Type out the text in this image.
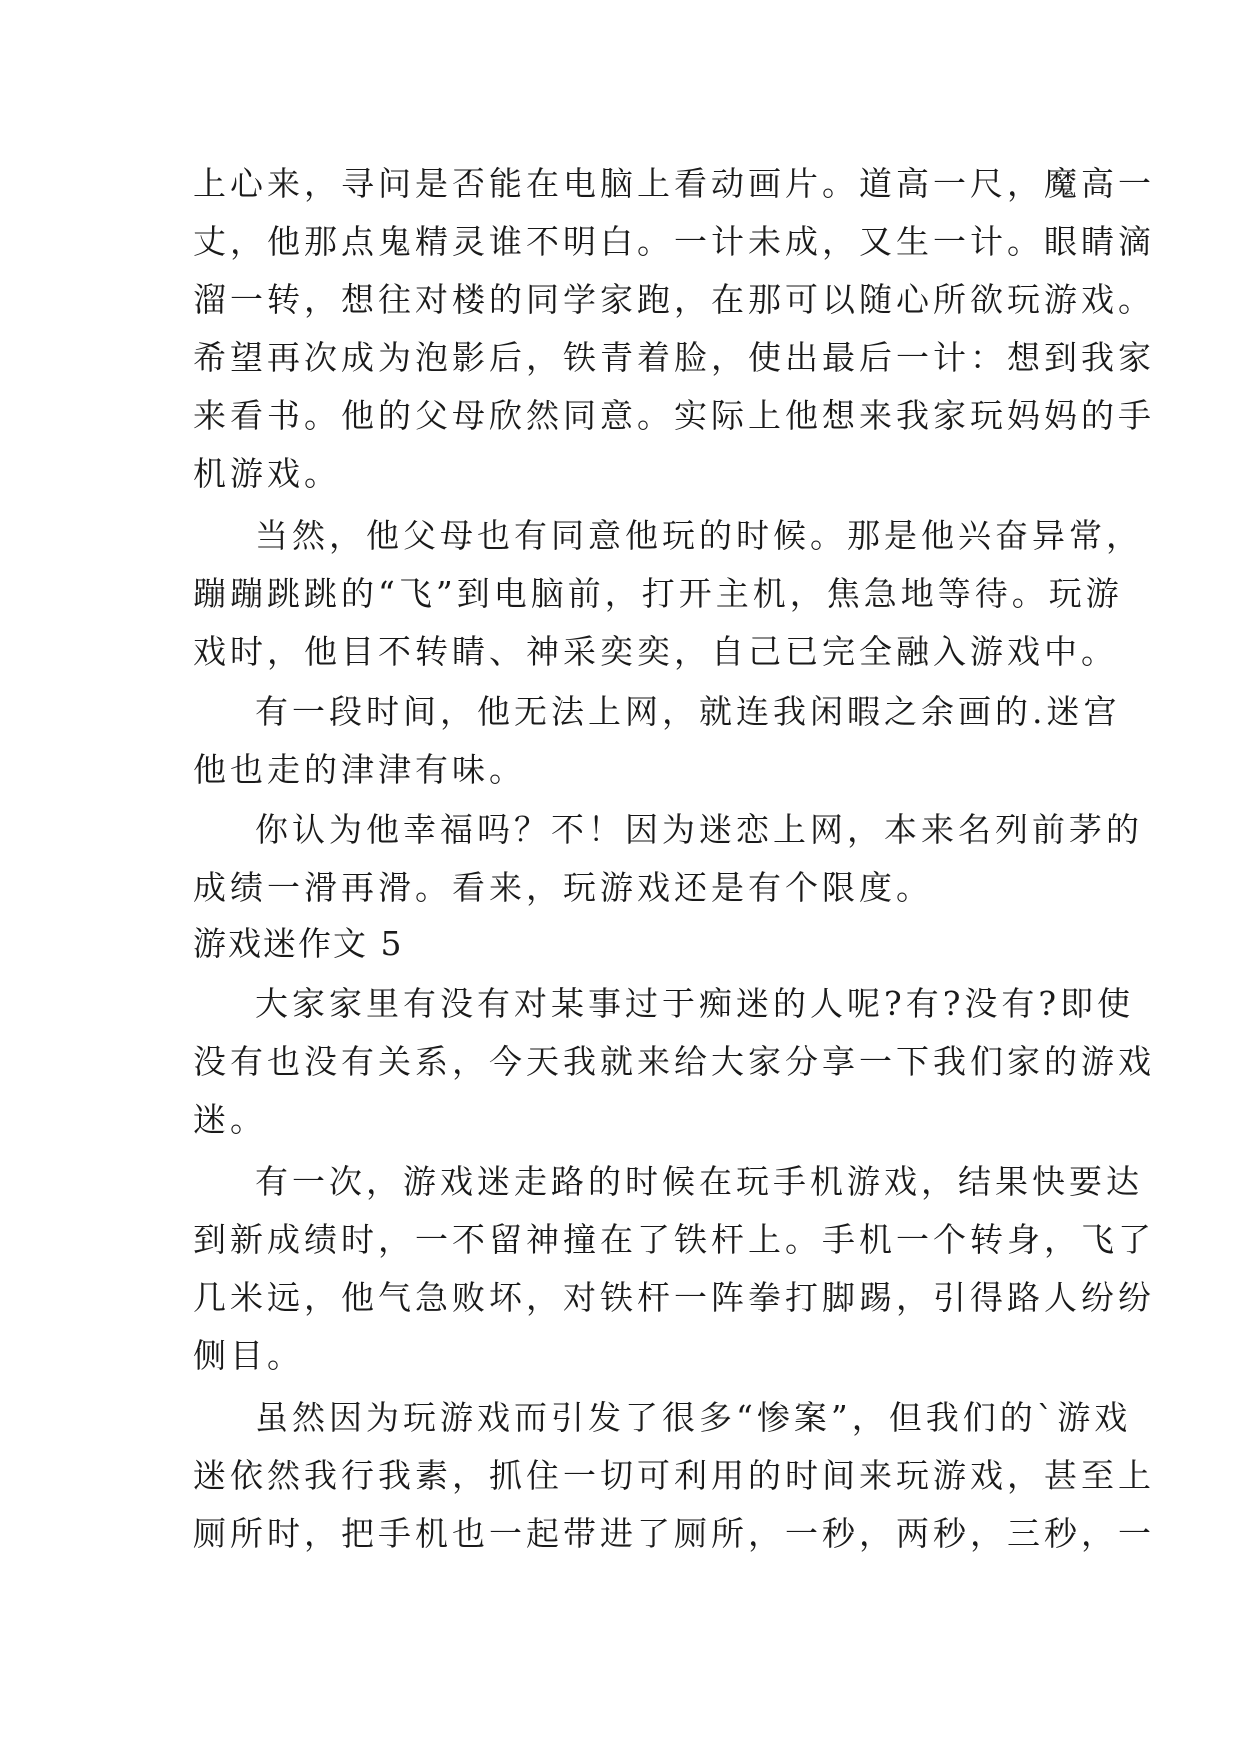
上心来，寻问是否能在电脑上看动画片。道高一尺，魔高一
丈，他那点鬼精灵谁不明白。一计未成，又生一计。眼睛滴
溜一转，想往对楼的同学家跑，在那可以随心所欲玩游戏。
希望再次成为泡影后，铁青着脸，使出最后一计：想到我家
来看书。他的父母欣然同意。实际上他想来我家玩妈妈的手
机游戏。
当然，他父母也有同意他玩的时候。那是他兴奋异常，
蹦蹦跳跳的“飞”到电脑前，打开主机，焦急地等待。玩游
戏时，他目不转睛、神采奕奕，自己已完全融入游戏中。
有一段时间，他无法上网，就连我闲暇之余画的.迷宫
他也走的津津有味。
你认为他幸福吗？不！因为迷恋上网，本来名列前茅的
成绩一滑再滑。看来，玩游戏还是有个限度。
游戏迷作文 5
大家家里有没有对某事过于痴迷的人呢?有?没有?即使
没有也没有关系，今天我就来给大家分享一下我们家的游戏
迷。
有一次，游戏迷走路的时候在玩手机游戏，结果快要达
到新成绩时，一不留神撞在了铁杆上。手机一个转身，飞了
几米远，他气急败坏，对铁杆一阵拳打脚踢，引得路人纷纷
侧目。
虽然因为玩游戏而引发了很多“惨案”，但我们的`游戏
迷依然我行我素，抓住一切可利用的时间来玩游戏，甚至上
厕所时，把手机也一起带进了厕所，一秒，两秒，三秒，一
